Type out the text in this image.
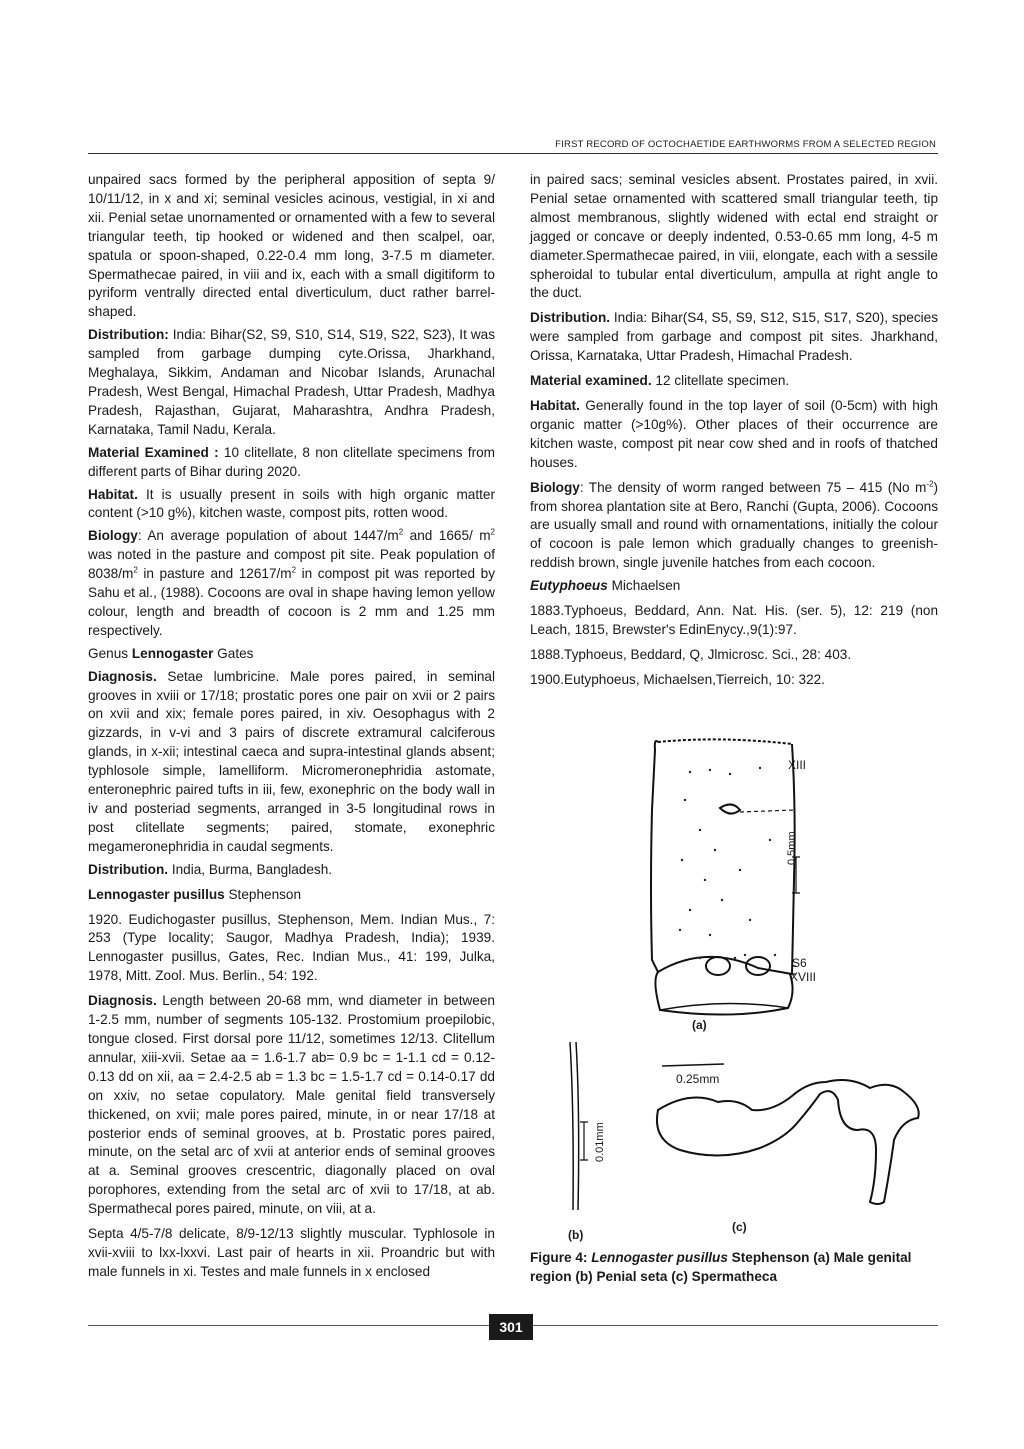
FIRST RECORD OF OCTOCHAETIDE EARTHWORMS FROM A SELECTED REGION

unpaired sacs formed by the peripheral apposition of septa 9/ 10/11/12, in x and xi; seminal vesicles acinous, vestigial, in xi and xii. Penial setae unornamented or ornamented with a few to several triangular teeth, tip hooked or widened and then scalpel, oar, spatula or spoon-shaped, 0.22-0.4 mm long, 3-7.5 m diameter. Spermathecae paired, in viii and ix, each with a small digitiform to pyriform ventrally directed ental diverticulum, duct rather barrel-shaped.

Distribution: India: Bihar(S2, S9, S10, S14, S19, S22, S23), It was sampled from garbage dumping cyte.Orissa, Jharkhand, Meghalaya, Sikkim, Andaman and Nicobar Islands, Arunachal Pradesh, West Bengal, Himachal Pradesh, Uttar Pradesh, Madhya Pradesh, Rajasthan, Gujarat, Maharashtra, Andhra Pradesh, Karnataka, Tamil Nadu, Kerala.

Material Examined : 10 clitellate, 8 non clitellate specimens from different parts of Bihar during 2020.

Habitat. It is usually present in soils with high organic matter content (>10 g%), kitchen waste, compost pits, rotten wood.

Biology: An average population of about $1447/m^2$ and 1665/ $m^2$ was noted in the pasture and compost pit site. Peak population of $8038/m^2$ in pasture and $12617/m^2$ in compost pit was reported by Sahu et al., (1988). Cocoons are oval in shape having lemon yellow colour, length and breadth of cocoon is 2 mm and 1.25 mm respectively.

Genus Lennogaster Gates

Diagnosis. Setae lumbricine. Male pores paired, in seminal grooves in xviii or 17/18; prostatic pores one pair on xvii or 2 pairs on xvii and xix; female pores paired, in xiv. Oesophagus with 2 gizzards, in v-vi and 3 pairs of discrete extramural calciferous glands, in x-xii; intestinal caeca and supra-intestinal glands absent; typhlosole simple, lamelliform. Micromeronephridia astomate, enteronephric paired tufts in iii, few, exonephric on the body wall in iv and posteriad segments, arranged in 3-5 longitudinal rows in post clitellate segments; paired, stomate, exonephric megameronephridia in caudal segments.

Distribution. India, Burma, Bangladesh.

Lennogaster pusillus Stephenson

1920. Eudichogaster pusillus, Stephenson, Mem. Indian Mus., 7: 253 (Type locality; Saugor, Madhya Pradesh, India); 1939. Lennogaster pusillus, Gates, Rec. Indian Mus., 41: 199, Julka, 1978, Mitt. Zool. Mus. Berlin., 54: 192.

Diagnosis. Length between 20-68 mm, wnd diameter in between 1-2.5 mm, number of segments 105-132. Prostomium proepilobic, tongue closed. First dorsal pore 11/12, sometimes 12/13. Clitellum annular, xiii-xvii. Setae aa = 1.6-1.7 ab= 0.9 bc = 1-1.1 cd = 0.12-0.13 dd on xii, aa = 2.4-2.5 ab = 1.3 bc = 1.5-1.7 cd = 0.14-0.17 dd on xxiv, no setae copulatory. Male genital field transversely thickened, on xvii; male pores paired, minute, in or near 17/18 at posterior ends of seminal grooves, at b. Prostatic pores paired, minute, on the setal arc of xvii at anterior ends of seminal grooves at a. Seminal grooves crescentric, diagonally placed on oval porophores, extending from the setal arc of xvii to 17/18, at ab. Spermathecal pores paired, minute, on viii, at a.

Septa 4/5-7/8 delicate, 8/9-12/13 slightly muscular. Typhlosole in xvii-xviii to lxx-lxxvi. Last pair of hearts in xii. Proandric but with male funnels in xi. Testes and male funnels in x enclosed

in paired sacs; seminal vesicles absent. Prostates paired, in xvii. Penial setae ornamented with scattered small triangular teeth, tip almost membranous, slightly widened with ectal end straight or jagged or concave or deeply indented, 0.53-0.65 mm long, 4-5 m diameter.Spermathecae paired, in viii, elongate, each with a sessile spheroidal to tubular ental diverticulum, ampulla at right angle to the duct.

Distribution. India: Bihar(S4, S5, S9, S12, S15, S17, S20), species were sampled from garbage and compost pit sites. Jharkhand, Orissa, Karnataka, Uttar Pradesh, Himachal Pradesh.

Material examined. 12 clitellate specimen.

Habitat. Generally found in the top layer of soil (0-5cm) with high organic matter (>10g%). Other places of their occurrence are kitchen waste, compost pit near cow shed and in roofs of thatched houses.

Biology: The density of worm ranged between 75 – 415 (No $m^{-2}$) from shorea plantation site at Bero, Ranchi (Gupta, 2006). Cocoons are usually small and round with ornamentations, initially the colour of cocoon is pale lemon which gradually changes to greenish-reddish brown, single juvenile hatches from each cocoon.

Eutyphoeus Michaelsen

1883.Typhoeus, Beddard, Ann. Nat. His. (ser. 5), 12: 219 (non Leach, 1815, Brewster's EdinEnycy.,9(1):97.

1888.Typhoeus, Beddard, Q, Jlmicrosc. Sci., 28: 403.

1900.Eutyphoeus, Michaelsen,Tierreich, 10: 322.

XIII
0.5mm
S6
XVIII
(a)
0.25mm
0.01mm
(b)
(c)
Figure 4: Lennogaster pusillus Stephenson (a) Male genital region (b) Penial seta (c) Spermatheca
301
